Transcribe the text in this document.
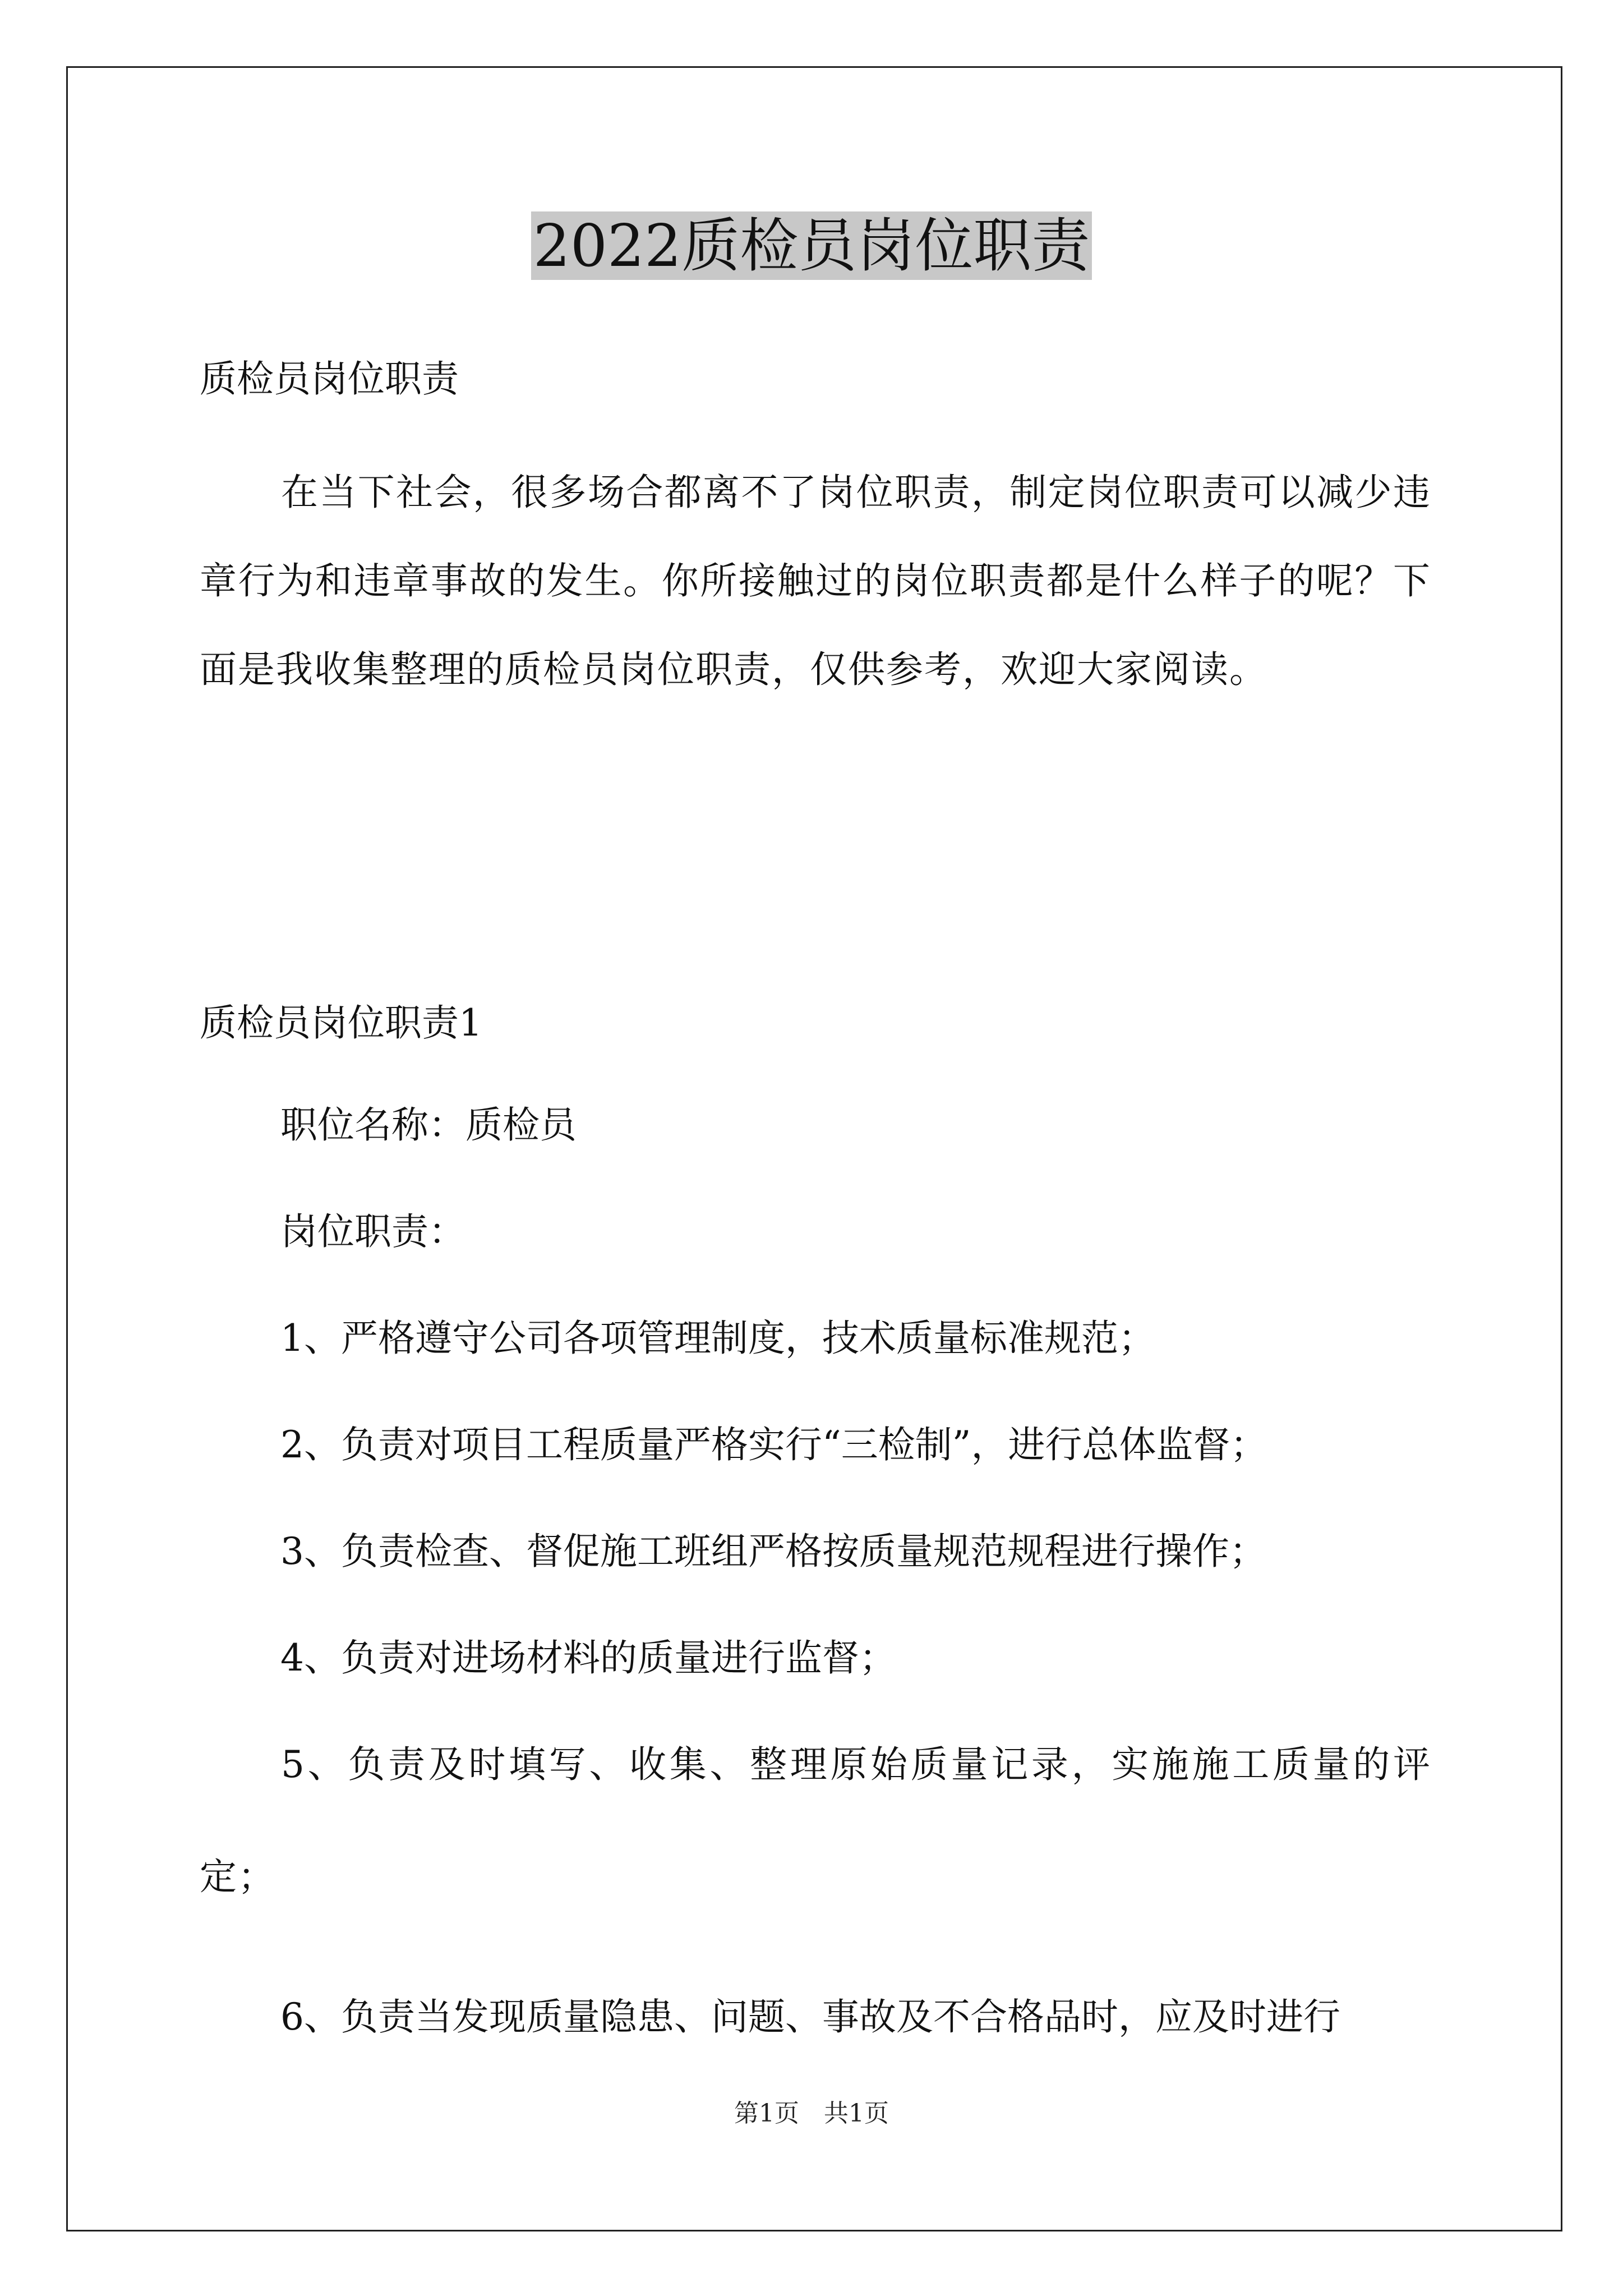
2022质检员岗位职责
质检员岗位职责
在当下社会，很多场合都离不了岗位职责，制定岗位职责可以减少违章行为和违章事故的发生。你所接触过的岗位职责都是什么样子的呢？下面是我收集整理的质检员岗位职责，仅供参考，欢迎大家阅读。
质检员岗位职责1
职位名称：质检员
岗位职责：
1、严格遵守公司各项管理制度，技术质量标准规范；
2、负责对项目工程质量严格实行“三检制”，进行总体监督；
3、负责检查、督促施工班组严格按质量规范规程进行操作；
4、负责对进场材料的质量进行监督；
5、负责及时填写、收集、整理原始质量记录，实施施工质量的评定；
6、负责当发现质量隐患、问题、事故及不合格品时，应及时进行
第1页　共1页
